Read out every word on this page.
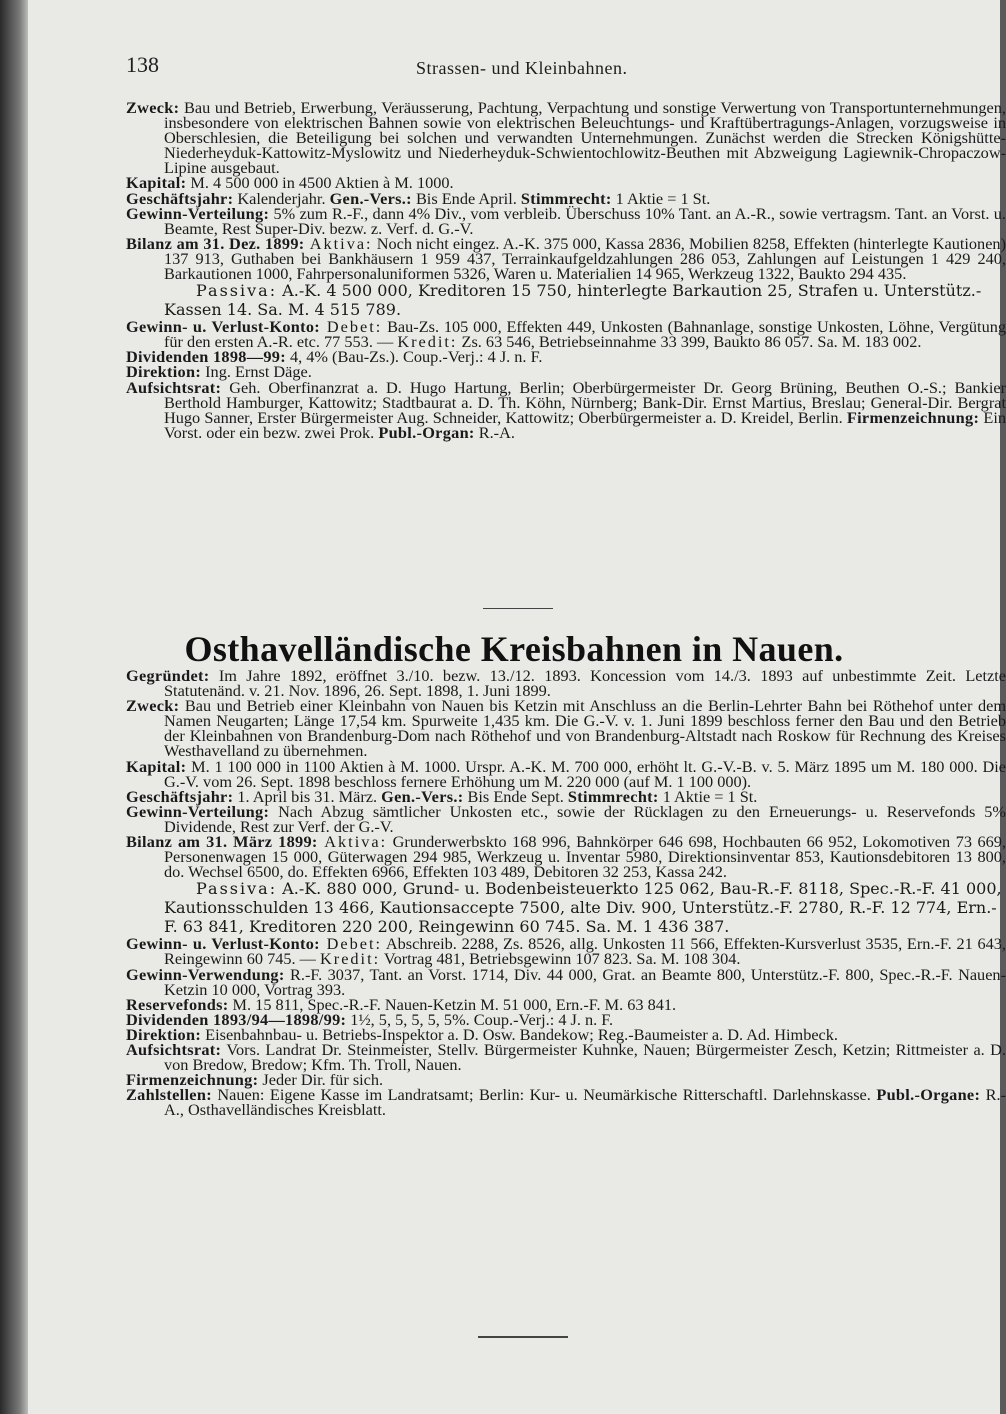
138	Strassen- und Kleinbahnen.

Zweck: Bau und Betrieb, Erwerbung, Veräusserung, Pachtung, Verpachtung und sonstige Verwertung von Transportunternehmungen, insbesondere von elektrischen Bahnen sowie von elektrischen Beleuchtungs- und Kraftübertragungs-Anlagen, vorzugsweise in Oberschlesien, die Beteiligung bei solchen und verwandten Unternehmungen. Zunächst werden die Strecken Königshütte-Niederheyduk-Kattowitz-Myslowitz und Niederheyduk-Schwientochlowitz-Beuthen mit Abzweigung Lagiewnik-Chropaczow-Lipine ausgebaut.

Kapital: M. 4 500 000 in 4500 Aktien à M. 1000.

Geschäftsjahr: Kalenderjahr. Gen.-Vers.: Bis Ende April. Stimmrecht: 1 Aktie = 1 St.

Gewinn-Verteilung: 5% zum R.-F., dann 4% Div., vom verbleib. Überschuss 10% Tant. an A.-R., sowie vertragsm. Tant. an Vorst. u. Beamte, Rest Super-Div. bezw. z. Verf. d. G.-V.

Bilanz am 31. Dez. 1899: Aktiva: Noch nicht eingez. A.-K. 375 000, Kassa 2836, Mobilien 8258, Effekten (hinterlegte Kautionen) 137 913, Guthaben bei Bankhäusern 1 959 437, Terrainkaufgeldzahlungen 286 053, Zahlungen auf Leistungen 1 429 240, Barkautionen 1000, Fahrpersonaluniformen 5326, Waren u. Materialien 14 965, Werkzeug 1322, Baukto 294 435.

Passiva: A.-K. 4 500 000, Kreditoren 15 750, hinterlegte Barkaution 25, Strafen u. Unterstütz.-Kassen 14. Sa. M. 4 515 789.

Gewinn- u. Verlust-Konto: Debet: Bau-Zs. 105 000, Effekten 449, Unkosten (Bahnanlage, sonstige Unkosten, Löhne, Vergütung für den ersten A.-R. etc. 77 553. — Kredit: Zs. 63 546, Betriebseinnahme 33 399, Baukto 86 057. Sa. M. 183 002.

Dividenden 1898—99: 4, 4% (Bau-Zs.). Coup.-Verj.: 4 J. n. F.

Direktion: Ing. Ernst Däge.

Aufsichtsrat: Geh. Oberfinanzrat a. D. Hugo Hartung, Berlin; Oberbürgermeister Dr. Georg Brüning, Beuthen O.-S.; Bankier Berthold Hamburger, Kattowitz; Stadtbaurat a. D. Th. Köhn, Nürnberg; Bank-Dir. Ernst Martius, Breslau; General-Dir. Bergrat Hugo Sanner, Erster Bürgermeister Aug. Schneider, Kattowitz; Oberbürgermeister a. D. Kreidel, Berlin. Firmenzeichnung: Ein Vorst. oder ein bezw. zwei Prok. Publ.-Organ: R.-A.

Osthavelländische Kreisbahnen in Nauen.

Gegründet: Im Jahre 1892, eröffnet 3./10. bezw. 13./12. 1893. Koncession vom 14./3. 1893 auf unbestimmte Zeit. Letzte Statutenänd. v. 21. Nov. 1896, 26. Sept. 1898, 1. Juni 1899.

Zweck: Bau und Betrieb einer Kleinbahn von Nauen bis Ketzin mit Anschluss an die Berlin-Lehrter Bahn bei Röthehof unter dem Namen Neugarten; Länge 17,54 km. Spurweite 1,435 km. Die G.-V. v. 1. Juni 1899 beschloss ferner den Bau und den Betrieb der Kleinbahnen von Brandenburg-Dom nach Röthehof und von Brandenburg-Altstadt nach Roskow für Rechnung des Kreises Westhavelland zu übernehmen.

Kapital: M. 1 100 000 in 1100 Aktien à M. 1000. Urspr. A.-K. M. 700 000, erhöht lt. G.-V.-B. v. 5. März 1895 um M. 180 000. Die G.-V. vom 26. Sept. 1898 beschloss fernere Erhöhung um M. 220 000 (auf M. 1 100 000).

Geschäftsjahr: 1. April bis 31. März. Gen.-Vers.: Bis Ende Sept. Stimmrecht: 1 Aktie = 1 St.

Gewinn-Verteilung: Nach Abzug sämtlicher Unkosten etc., sowie der Rücklagen zu den Erneuerungs- u. Reservefonds 5% Dividende, Rest zur Verf. der G.-V.

Bilanz am 31. März 1899: Aktiva: Grunderwerbskto 168 996, Bahnkörper 646 698, Hochbauten 66 952, Lokomotiven 73 669, Personenwagen 15 000, Güterwagen 294 985, Werkzeug u. Inventar 5980, Direktionsinventar 853, Kautionsdebitoren 13 800, do. Wechsel 6500, do. Effekten 6966, Effekten 103 489, Debitoren 32 253, Kassa 242.

Passiva: A.-K. 880 000, Grund- u. Bodenbeisteuerkto 125 062, Bau-R.-F. 8118, Spec.-R.-F. 41 000, Kautionsschulden 13 466, Kautionsaccepte 7500, alte Div. 900, Unterstütz.-F. 2780, R.-F. 12 774, Ern.-F. 63 841, Kreditoren 220 200, Reingewinn 60 745. Sa. M. 1 436 387.

Gewinn- u. Verlust-Konto: Debet: Abschreib. 2288, Zs. 8526, allg. Unkosten 11 566, Effekten-Kursverlust 3535, Ern.-F. 21 643, Reingewinn 60 745. — Kredit: Vortrag 481, Betriebsgewinn 107 823. Sa. M. 108 304.

Gewinn-Verwendung: R.-F. 3037, Tant. an Vorst. 1714, Div. 44 000, Grat. an Beamte 800, Unterstütz.-F. 800, Spec.-R.-F. Nauen-Ketzin 10 000, Vortrag 393.

Reservefonds: M. 15 811, Spec.-R.-F. Nauen-Ketzin M. 51 000, Ern.-F. M. 63 841.

Dividenden 1893/94—1898/99: 1½, 5, 5, 5, 5, 5%. Coup.-Verj.: 4 J. n. F.

Direktion: Eisenbahnbau- u. Betriebs-Inspektor a. D. Osw. Bandekow; Reg.-Baumeister a. D. Ad. Himbeck.

Aufsichtsrat: Vors. Landrat Dr. Steinmeister, Stellv. Bürgermeister Kuhnke, Nauen; Bürgermeister Zesch, Ketzin; Rittmeister a. D. von Bredow, Bredow; Kfm. Th. Troll, Nauen.

Firmenzeichnung: Jeder Dir. für sich.

Zahlstellen: Nauen: Eigene Kasse im Landratsamt; Berlin: Kur- u. Neumärkische Ritterschaftl. Darlehnskasse. Publ.-Organe: R.-A., Osthavelländisches Kreisblatt.
